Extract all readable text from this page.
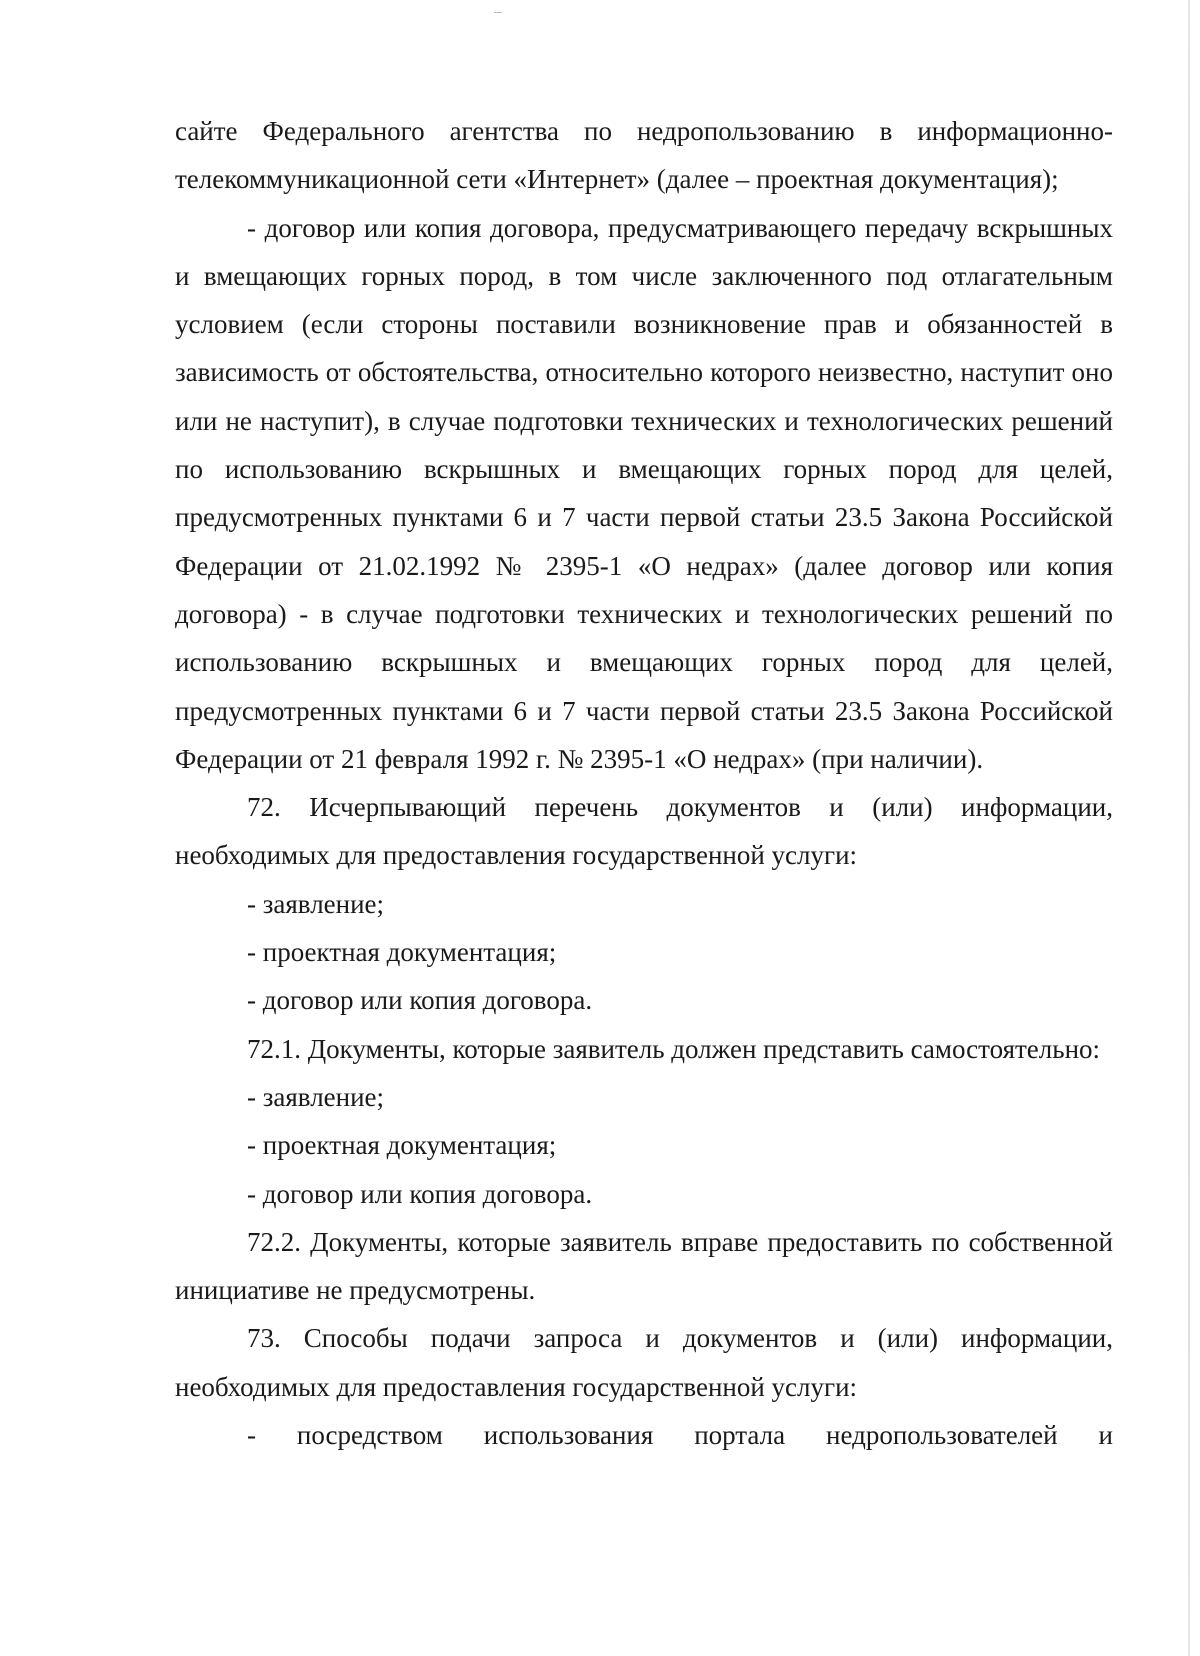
сайте Федерального агентства по недропользованию в информационно-телекоммуникационной сети «Интернет» (далее – проектная документация);

- договор или копия договора, предусматривающего передачу вскрышных и вмещающих горных пород, в том числе заключенного под отлагательным условием (если стороны поставили возникновение прав и обязанностей в зависимость от обстоятельства, относительно которого неизвестно, наступит оно или не наступит), в случае подготовки технических и технологических решений по использованию вскрышных и вмещающих горных пород для целей, предусмотренных пунктами 6 и 7 части первой статьи 23.5 Закона Российской Федерации от 21.02.1992 № 2395-1 «О недрах» (далее договор или копия договора) - в случае подготовки технических и технологических решений по использованию вскрышных и вмещающих горных пород для целей, предусмотренных пунктами 6 и 7 части первой статьи 23.5 Закона Российской Федерации от 21 февраля 1992 г. № 2395-1 «О недрах» (при наличии).

72. Исчерпывающий перечень документов и (или) информации, необходимых для предоставления государственной услуги:

- заявление;

- проектная документация;

- договор или копия договора.

72.1. Документы, которые заявитель должен представить самостоятельно:

- заявление;

- проектная документация;

- договор или копия договора.

72.2. Документы, которые заявитель вправе предоставить по собственной инициативе не предусмотрены.

73. Способы подачи запроса и документов и (или) информации, необходимых для предоставления государственной услуги:

- посредством использования портала недропользователей и
